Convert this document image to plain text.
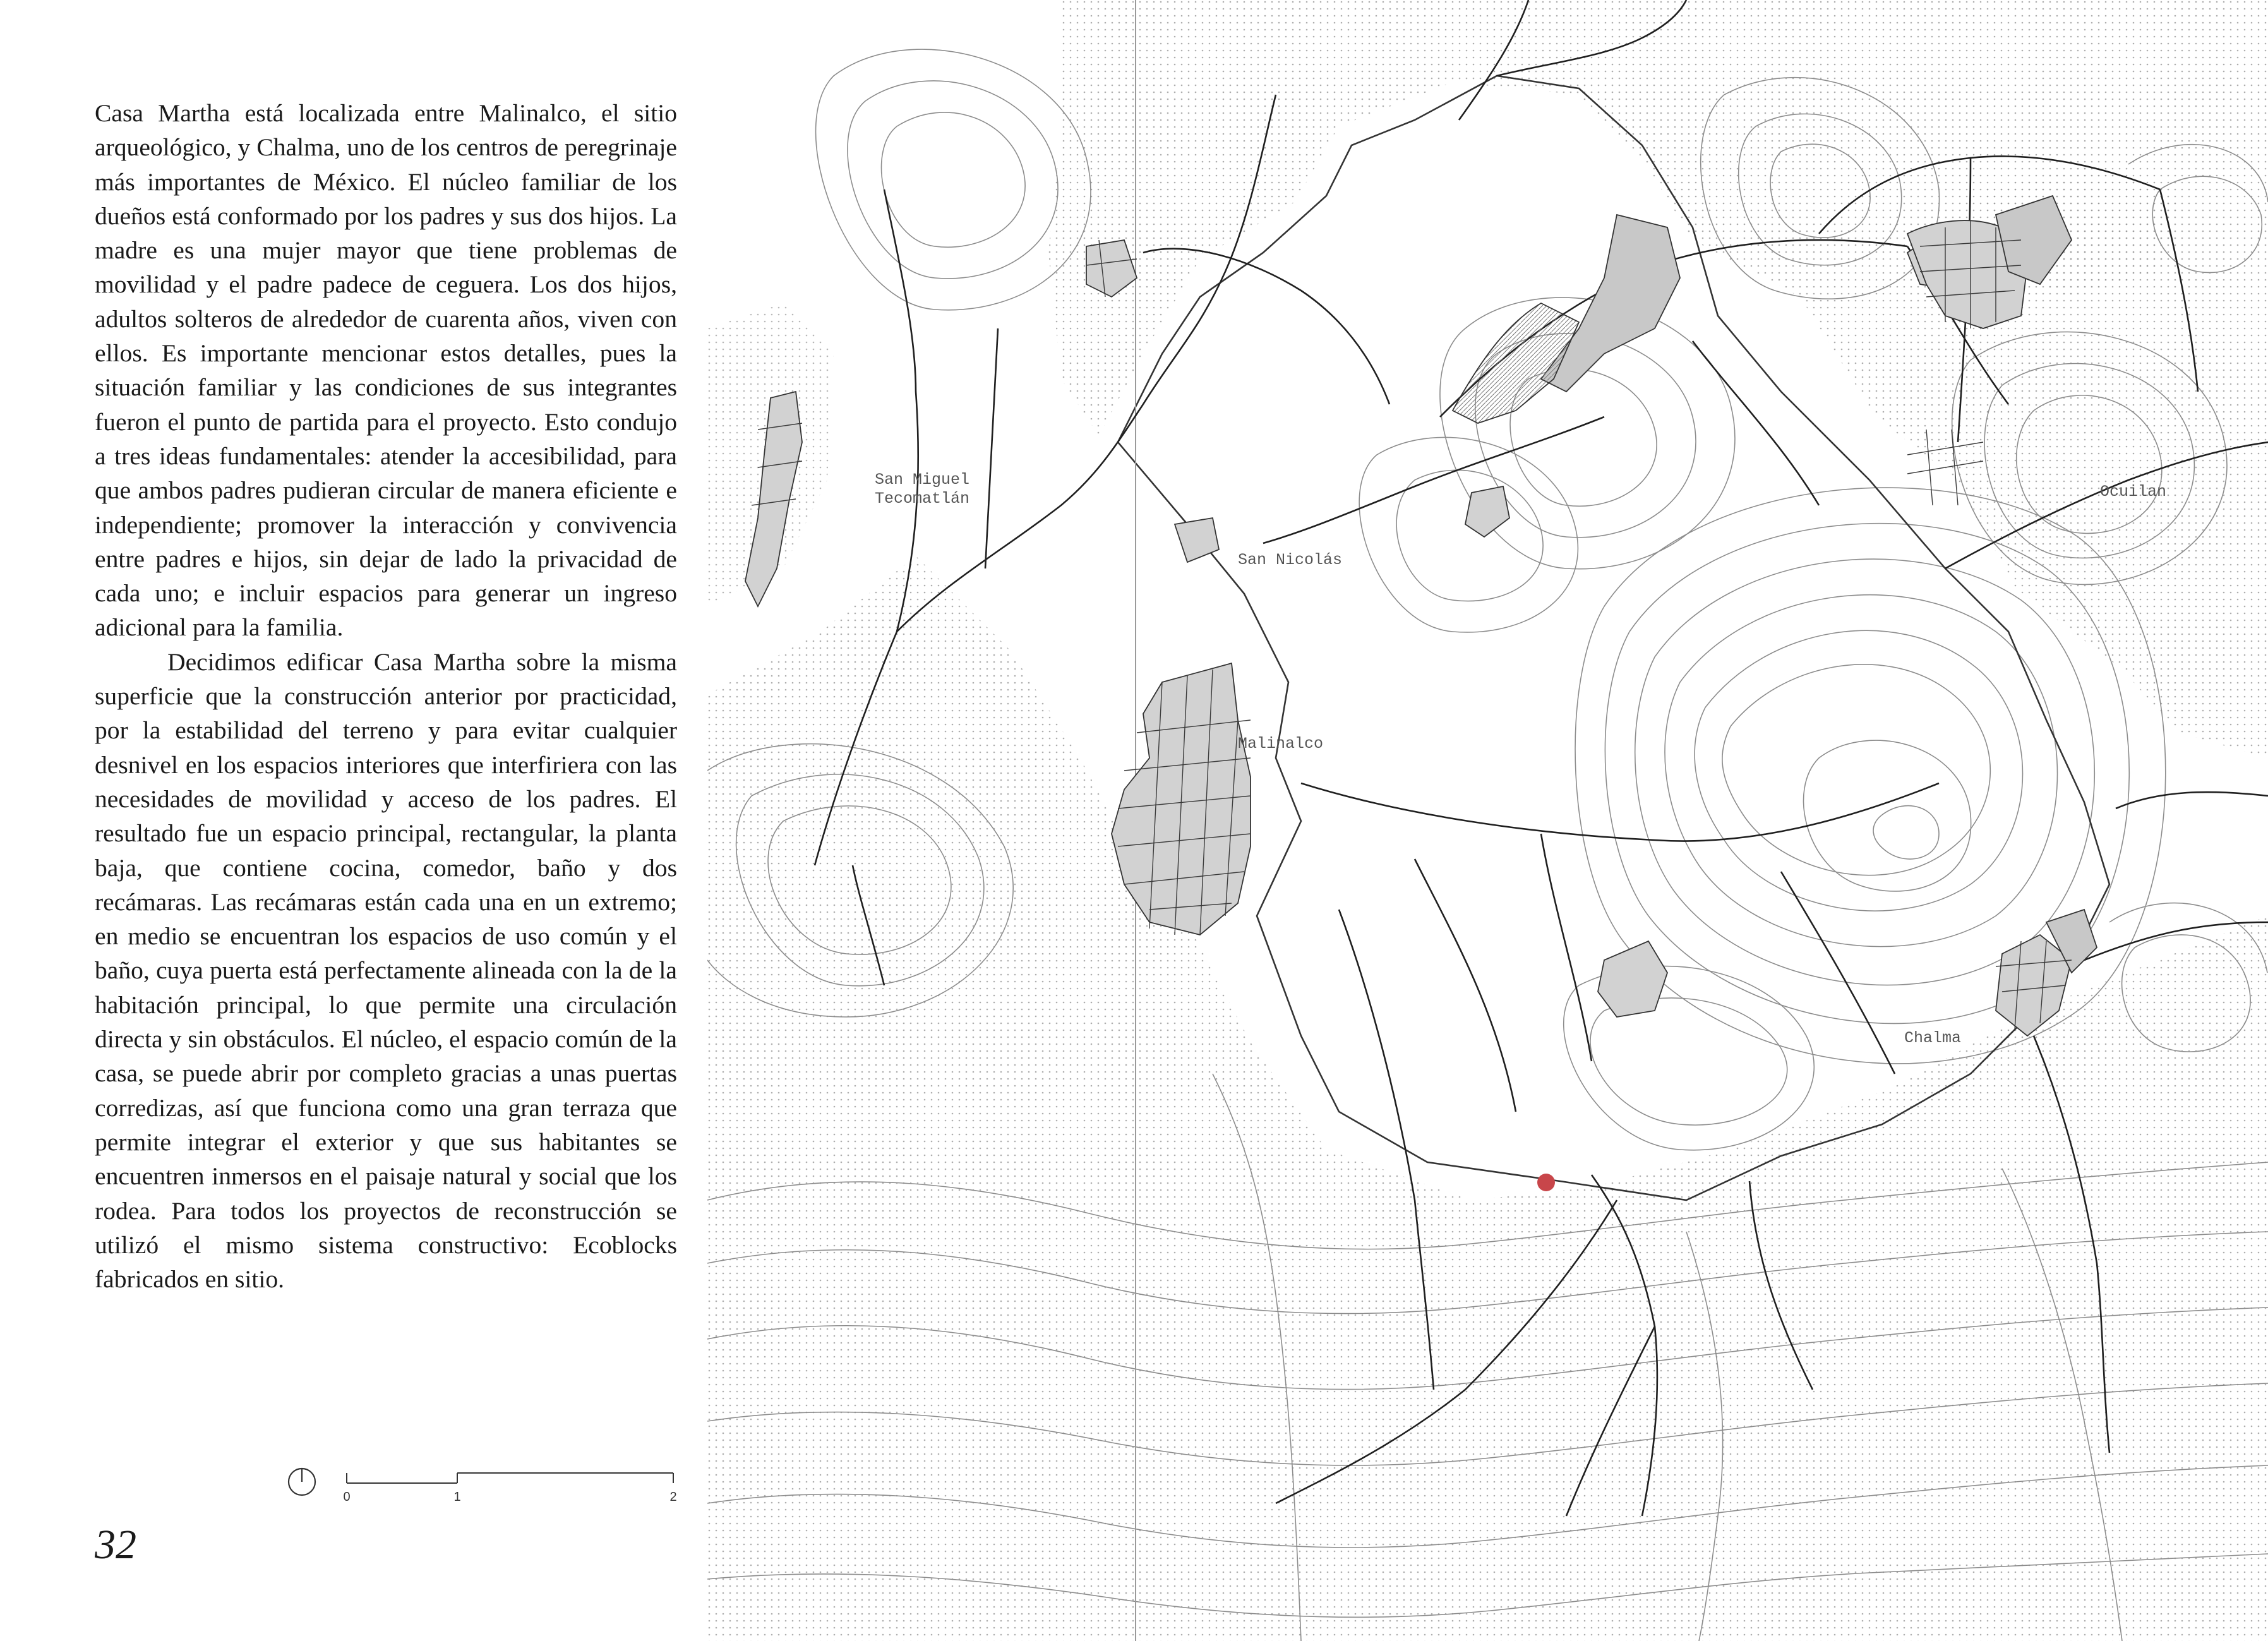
Casa Martha está localizada entre Malinalco, el sitio arqueológico, y Chalma, uno de los centros de peregrinaje más importantes de México. El núcleo familiar de los dueños está conformado por los padres y sus dos hijos. La madre es una mujer mayor que tiene problemas de movilidad y el padre padece de ceguera. Los dos hijos, adultos solteros de alrededor de cuarenta años, viven con ellos. Es importante mencionar estos detalles, pues la situación familiar y las condiciones de sus integrantes fueron el punto de partida para el proyecto. Esto condujo a tres ideas fundamentales: atender la accesibilidad, para que ambos padres pudieran circular de manera eficiente e independiente; promover la interacción y convivencia entre padres e hijos, sin dejar de lado la privacidad de cada uno; e incluir espacios para generar un ingreso adicional para la familia.

Decidimos edificar Casa Martha sobre la misma superficie que la construcción anterior por practicidad, por la estabilidad del terreno y para evitar cualquier desnivel en los espacios interiores que interfiriera con las necesidades de movilidad y acceso de los padres. El resultado fue un espacio principal, rectangular, la planta baja, que contiene cocina, comedor, baño y dos recámaras. Las recámaras están cada una en un extremo; en medio se encuentran los espacios de uso común y el baño, cuya puerta está perfectamente alineada con la de la habitación principal, lo que permite una circulación directa y sin obstáculos. El núcleo, el espacio común de la casa, se puede abrir por completo gracias a unas puertas corredizas, así que funciona como una gran terraza que permite integrar el exterior y que sus habitantes se encuentren inmersos en el paisaje natural y social que los rodea. Para todos los proyectos de reconstrucción se utilizó el mismo sistema constructivo: Ecoblocks fabricados en sitio.

0	1	2
32
San Miguel
Tecomatlán
San Nicolás
Malinalco
Ocuilan
Chalma
